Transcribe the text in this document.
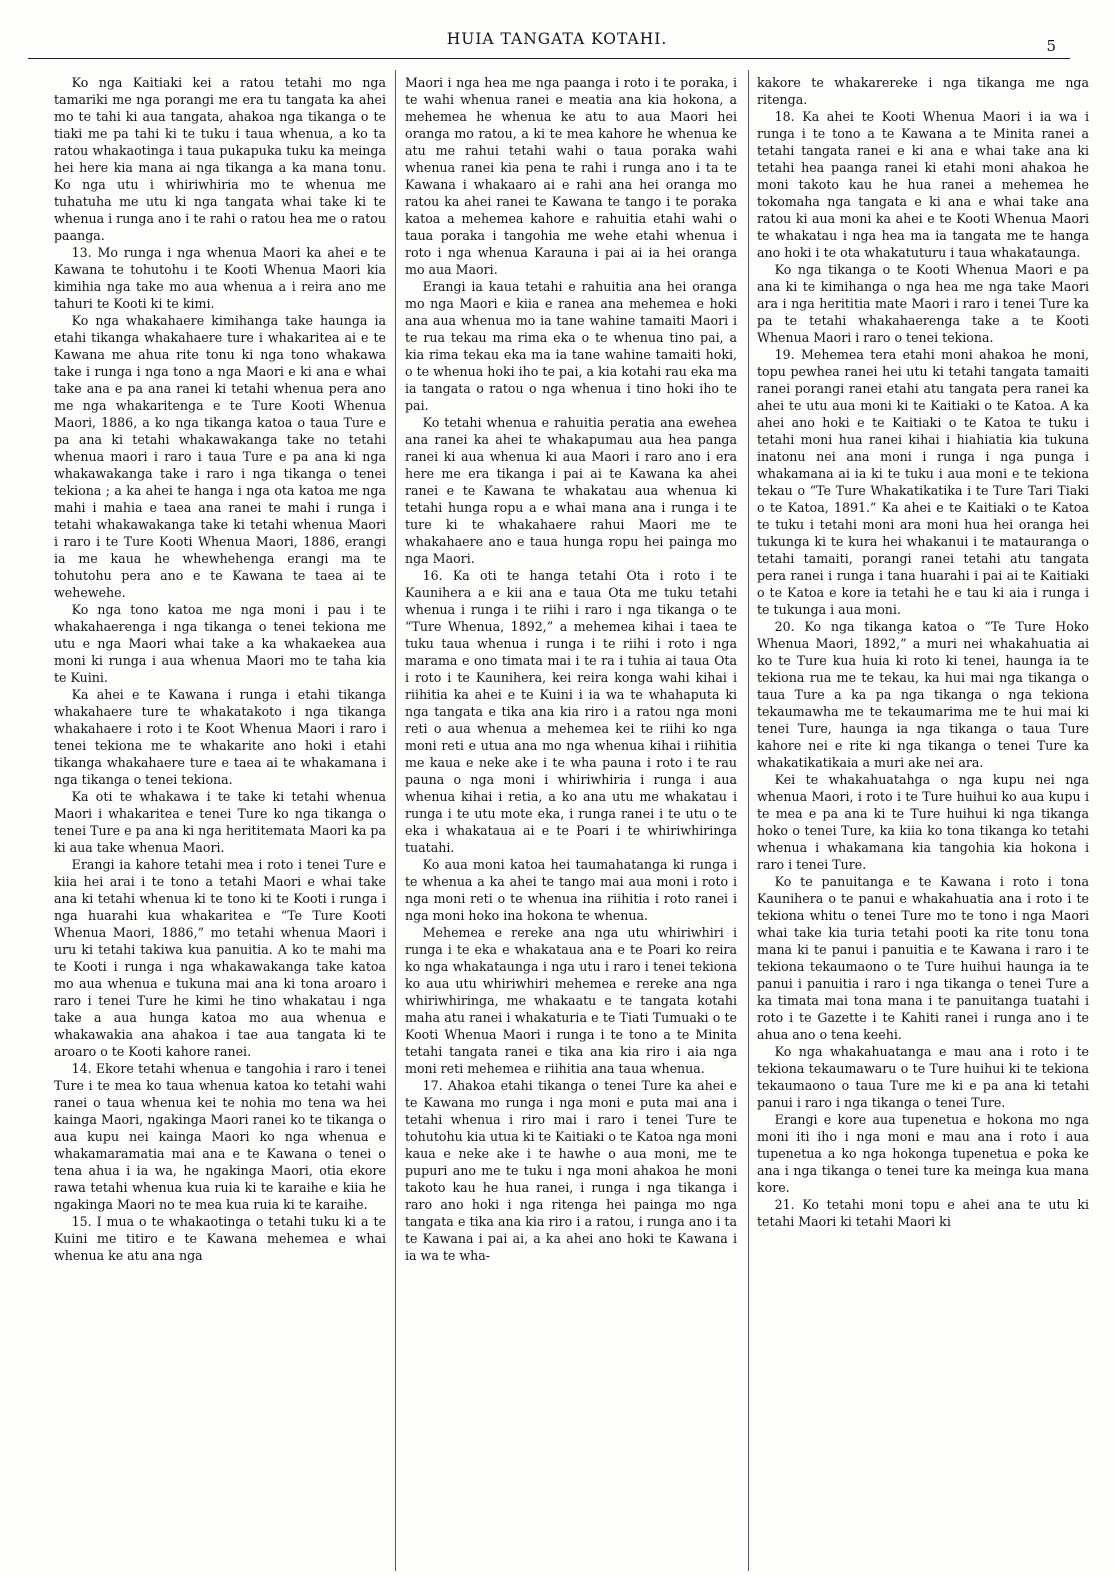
HUIA TANGATA KOTAHI.	5

Ko nga Kaitiaki kei a ratou tetahi mo nga tamariki me nga porangi me era tu tangata ka ahei mo te tahi ki aua tangata, ahakoa nga tikanga o te tiaki me pa tahi ki te tuku i taua whenua, a ko ta ratou whakaotinga i taua pukapuka tuku ka meinga hei here kia mana ai nga tikanga a ka mana tonu. Ko nga utu i whiriwhiria mo te whenua me tuhatuha me utu ki nga tangata whai take ki te whenua i runga ano i te rahi o ratou hea me o ratou paanga.

13. Mo runga i nga whenua Maori ka ahei e te Kawana te tohutohu i te Kooti Whenua Maori kia kimihia nga take mo aua whenua a i reira ano me tahuri te Kooti ki te kimi.

Ko nga whakahaere kimihanga take haunga ia etahi tikanga whakahaere ture i whakaritea ai e te Kawana me ahua rite tonu ki nga tono whakawa take i runga i nga tono a nga Maori e ki ana e whai take ana e pa ana ranei ki tetahi whenua pera ano me nga whakaritenga e te Ture Kooti Whenua Maori, 1886, a ko nga tikanga katoa o taua Ture e pa ana ki tetahi whakawakanga take no tetahi whenua maori i raro i taua Ture e pa ana ki nga whakawakanga take i raro i nga tikanga o tenei tekiona ; a ka ahei te hanga i nga ota katoa me nga mahi i mahia e taea ana ranei te mahi i runga i tetahi whakawakanga take ki tetahi whenua Maori i raro i te Ture Kooti Whenua Maori, 1886, erangi ia me kaua he whewhehenga erangi ma te tohutohu pera ano e te Kawana te taea ai te wehewehe.

Ko nga tono katoa me nga moni i pau i te whakahaerenga i nga tikanga o tenei tekiona me utu e nga Maori whai take a ka whakaekea aua moni ki runga i aua whenua Maori mo te taha kia te Kuini.

Ka ahei e te Kawana i runga i etahi tikanga whakahaere ture te whakatakoto i nga tikanga whakahaere i roto i te Koot Whenua Maori i raro i tenei tekiona me te whakarite ano hoki i etahi tikanga whakahaere ture e taea ai te whakamana i nga tikanga o tenei tekiona.

Ka oti te whakawa i te take ki tetahi whenua Maori i whakaritea e tenei Ture ko nga tikanga o tenei Ture e pa ana ki nga herititemata Maori ka pa ki aua take whenua Maori.

Erangi ia kahore tetahi mea i roto i tenei Ture e kiia hei arai i te tono a tetahi Maori e whai take ana ki tetahi whenua ki te tono ki te Kooti i runga i nga huarahi kua whakaritea e “Te Ture Kooti Whenua Maori, 1886,” mo tetahi whenua Maori i uru ki tetahi takiwa kua panuitia. A ko te mahi ma te Kooti i runga i nga whakawakanga take katoa mo aua whenua e tukuna mai ana ki tona aroaro i raro i tenei Ture he kimi he tino whakatau i nga take a aua hunga katoa mo aua whenua e whakawakia ana ahakoa i tae aua tangata ki te aroaro o te Kooti kahore ranei.

14. Ekore tetahi whenua e tangohia i raro i tenei Ture i te mea ko taua whenua katoa ko tetahi wahi ranei o taua whenua kei te nohia mo tena wa hei kainga Maori, ngakinga Maori ranei ko te tikanga o aua kupu nei kainga Maori ko nga whenua e whakamaramatia mai ana e te Kawana o tenei o tena ahua i ia wa, he ngakinga Maori, otia ekore rawa tetahi whenua kua ruia ki te karaihe e kiia he ngakinga Maori no te mea kua ruia ki te karaihe.

15. I mua o te whakaotinga o tetahi tuku ki a te Kuini me titiro e te Kawana mehemea e whai whenua ke atu ana nga

Maori i nga hea me nga paanga i roto i te poraka, i te wahi whenua ranei e meatia ana kia hokona, a mehemea he whenua ke atu to aua Maori hei oranga mo ratou, a ki te mea kahore he whenua ke atu me rahui tetahi wahi o taua poraka wahi whenua ranei kia pena te rahi i runga ano i ta te Kawana i whakaaro ai e rahi ana hei oranga mo ratou ka ahei ranei te Kawana te tango i te poraka katoa a mehemea kahore e rahuitia etahi wahi o taua poraka i tangohia me wehe etahi whenua i roto i nga whenua Karauna i pai ai ia hei oranga mo aua Maori.

Erangi ia kaua tetahi e rahuitia ana hei oranga mo nga Maori e kiia e ranea ana mehemea e hoki ana aua whenua mo ia tane wahine tamaiti Maori i te rua tekau ma rima eka o te whenua tino pai, a kia rima tekau eka ma ia tane wahine tamaiti hoki, o te whenua hoki iho te pai, a kia kotahi rau eka ma ia tangata o ratou o nga whenua i tino hoki iho te pai.

Ko tetahi whenua e rahuitia peratia ana ewehea ana ranei ka ahei te whakapumau aua hea panga ranei ki aua whenua ki aua Maori i raro ano i era here me era tikanga i pai ai te Kawana ka ahei ranei e te Kawana te whakatau aua whenua ki tetahi hunga ropu a e whai mana ana i runga i te ture ki te whakahaere rahui Maori me te whakahaere ano e taua hunga ropu hei painga mo nga Maori.

16. Ka oti te hanga tetahi Ota i roto i te Kaunihera a e kii ana e taua Ota me tuku tetahi whenua i runga i te riihi i raro i nga tikanga o te “Ture Whenua, 1892,” a mehemea kihai i taea te tuku taua whenua i runga i te riihi i roto i nga marama e ono timata mai i te ra i tuhia ai taua Ota i roto i te Kaunihera, kei reira konga wahi kihai i riihitia ka ahei e te Kuini i ia wa te whahaputa ki nga tangata e tika ana kia riro i a ratou nga moni reti o aua whenua a mehemea kei te riihi ko nga moni reti e utua ana mo nga whenua kihai i riihitia me kaua e neke ake i te wha pauna i roto i te rau pauna o nga moni i whiriwhiria i runga i aua whenua kihai i retia, a ko ana utu me whakatau i runga i te utu mote eka, i runga ranei i te utu o te eka i whakataua ai e te Poari i te whiriwhiringa tuatahi.

Ko aua moni katoa hei taumahatanga ki runga i te whenua a ka ahei te tango mai aua moni i roto i nga moni reti o te whenua ina riihitia i roto ranei i nga moni hoko ina hokona te whenua.

Mehemea e rereke ana nga utu whiriwhiri i runga i te eka e whakataua ana e te Poari ko reira ko nga whakataunga i nga utu i raro i tenei tekiona ko aua utu whiriwhiri mehemea e rereke ana nga whiriwhiringa, me whakaatu e te tangata kotahi maha atu ranei i whakaturia e te Tiati Tumuaki o te Kooti Whenua Maori i runga i te tono a te Minita tetahi tangata ranei e tika ana kia riro i aia nga moni reti mehemea e riihitia ana taua whenua.

17. Ahakoa etahi tikanga o tenei Ture ka ahei e te Kawana mo runga i nga moni e puta mai ana i tetahi whenua i riro mai i raro i tenei Ture te tohutohu kia utua ki te Kaitiaki o te Katoa nga moni kaua e neke ake i te hawhe o aua moni, me te pupuri ano me te tuku i nga moni ahakoa he moni takoto kau he hua ranei, i runga i nga tikanga i raro ano hoki i nga ritenga hei painga mo nga tangata e tika ana kia riro i a ratou, i runga ano i ta te Kawana i pai ai, a ka ahei ano hoki te Kawana i ia wa te wha-

kakore te whakarereke i nga tikanga me nga ritenga.

18. Ka ahei te Kooti Whenua Maori i ia wa i runga i te tono a te Kawana a te Minita ranei a tetahi tangata ranei e ki ana e whai take ana ki tetahi hea paanga ranei ki etahi moni ahakoa he moni takoto kau he hua ranei a mehemea he tokomaha nga tangata e ki ana e whai take ana ratou ki aua moni ka ahei e te Kooti Whenua Maori te whakatau i nga hea ma ia tangata me te hanga ano hoki i te ota whakatuturu i taua whakataunga.

Ko nga tikanga o te Kooti Whenua Maori e pa ana ki te kimihanga o nga hea me nga take Maori ara i nga herititia mate Maori i raro i tenei Ture ka pa te tetahi whakahaerenga take a te Kooti Whenua Maori i raro o tenei tekiona.

19. Mehemea tera etahi moni ahakoa he moni, topu pewhea ranei hei utu ki tetahi tangata tamaiti ranei porangi ranei etahi atu tangata pera ranei ka ahei te utu aua moni ki te Kaitiaki o te Katoa. A ka ahei ano hoki e te Kaitiaki o te Katoa te tuku i tetahi moni hua ranei kihai i hiahiatia kia tukuna inatonu nei ana moni i runga i nga punga i whakamana ai ia ki te tuku i aua moni e te tekiona tekau o “Te Ture Whakatikatika i te Ture Tari Tiaki o te Katoa, 1891.” Ka ahei e te Kaitiaki o te Katoa te tuku i tetahi moni ara moni hua hei oranga hei tukunga ki te kura hei whakanui i te matauranga o tetahi tamaiti, porangi ranei tetahi atu tangata pera ranei i runga i tana huarahi i pai ai te Kaitiaki o te Katoa e kore ia tetahi he e tau ki aia i runga i te tukunga i aua moni.

20. Ko nga tikanga katoa o “Te Ture Hoko Whenua Maori, 1892,” a muri nei whakahuatia ai ko te Ture kua huia ki roto ki tenei, haunga ia te tekiona rua me te tekau, ka hui mai nga tikanga o taua Ture a ka pa nga tikanga o nga tekiona tekaumawha me te tekaumarima me te hui mai ki tenei Ture, haunga ia nga tikanga o taua Ture kahore nei e rite ki nga tikanga o tenei Ture ka whakatikatikaia a muri ake nei ara.

Kei te whakahuatahga o nga kupu nei nga whenua Maori, i roto i te Ture huihui ko aua kupu i te mea e pa ana ki te Ture huihui ki nga tikanga hoko o tenei Ture, ka kiia ko tona tikanga ko tetahi whenua i whakamana kia tangohia kia hokona i raro i tenei Ture.

Ko te panuitanga e te Kawana i roto i tona Kaunihera o te panui e whakahuatia ana i roto i te tekiona whitu o tenei Ture mo te tono i nga Maori whai take kia turia tetahi pooti ka rite tonu tona mana ki te panui i panuitia e te Kawana i raro i te tekiona tekaumaono o te Ture huihui haunga ia te panui i panuitia i raro i nga tikanga o tenei Ture a ka timata mai tona mana i te panuitanga tuatahi i roto i te Gazette i te Kahiti ranei i runga ano i te ahua ano o tena keehi.

Ko nga whakahuatanga e mau ana i roto i te tekiona tekaumawaru o te Ture huihui ki te tekiona tekaumaono o taua Ture me ki e pa ana ki tetahi panui i raro i nga tikanga o tenei Ture.

Erangi e kore aua tupenetua e hokona mo nga moni iti iho i nga moni e mau ana i roto i aua tupenetua a ko nga hokonga tupenetua e poka ke ana i nga tikanga o tenei ture ka meinga kua mana kore.

21. Ko tetahi moni topu e ahei ana te utu ki tetahi Maori ki tetahi Maori ki
